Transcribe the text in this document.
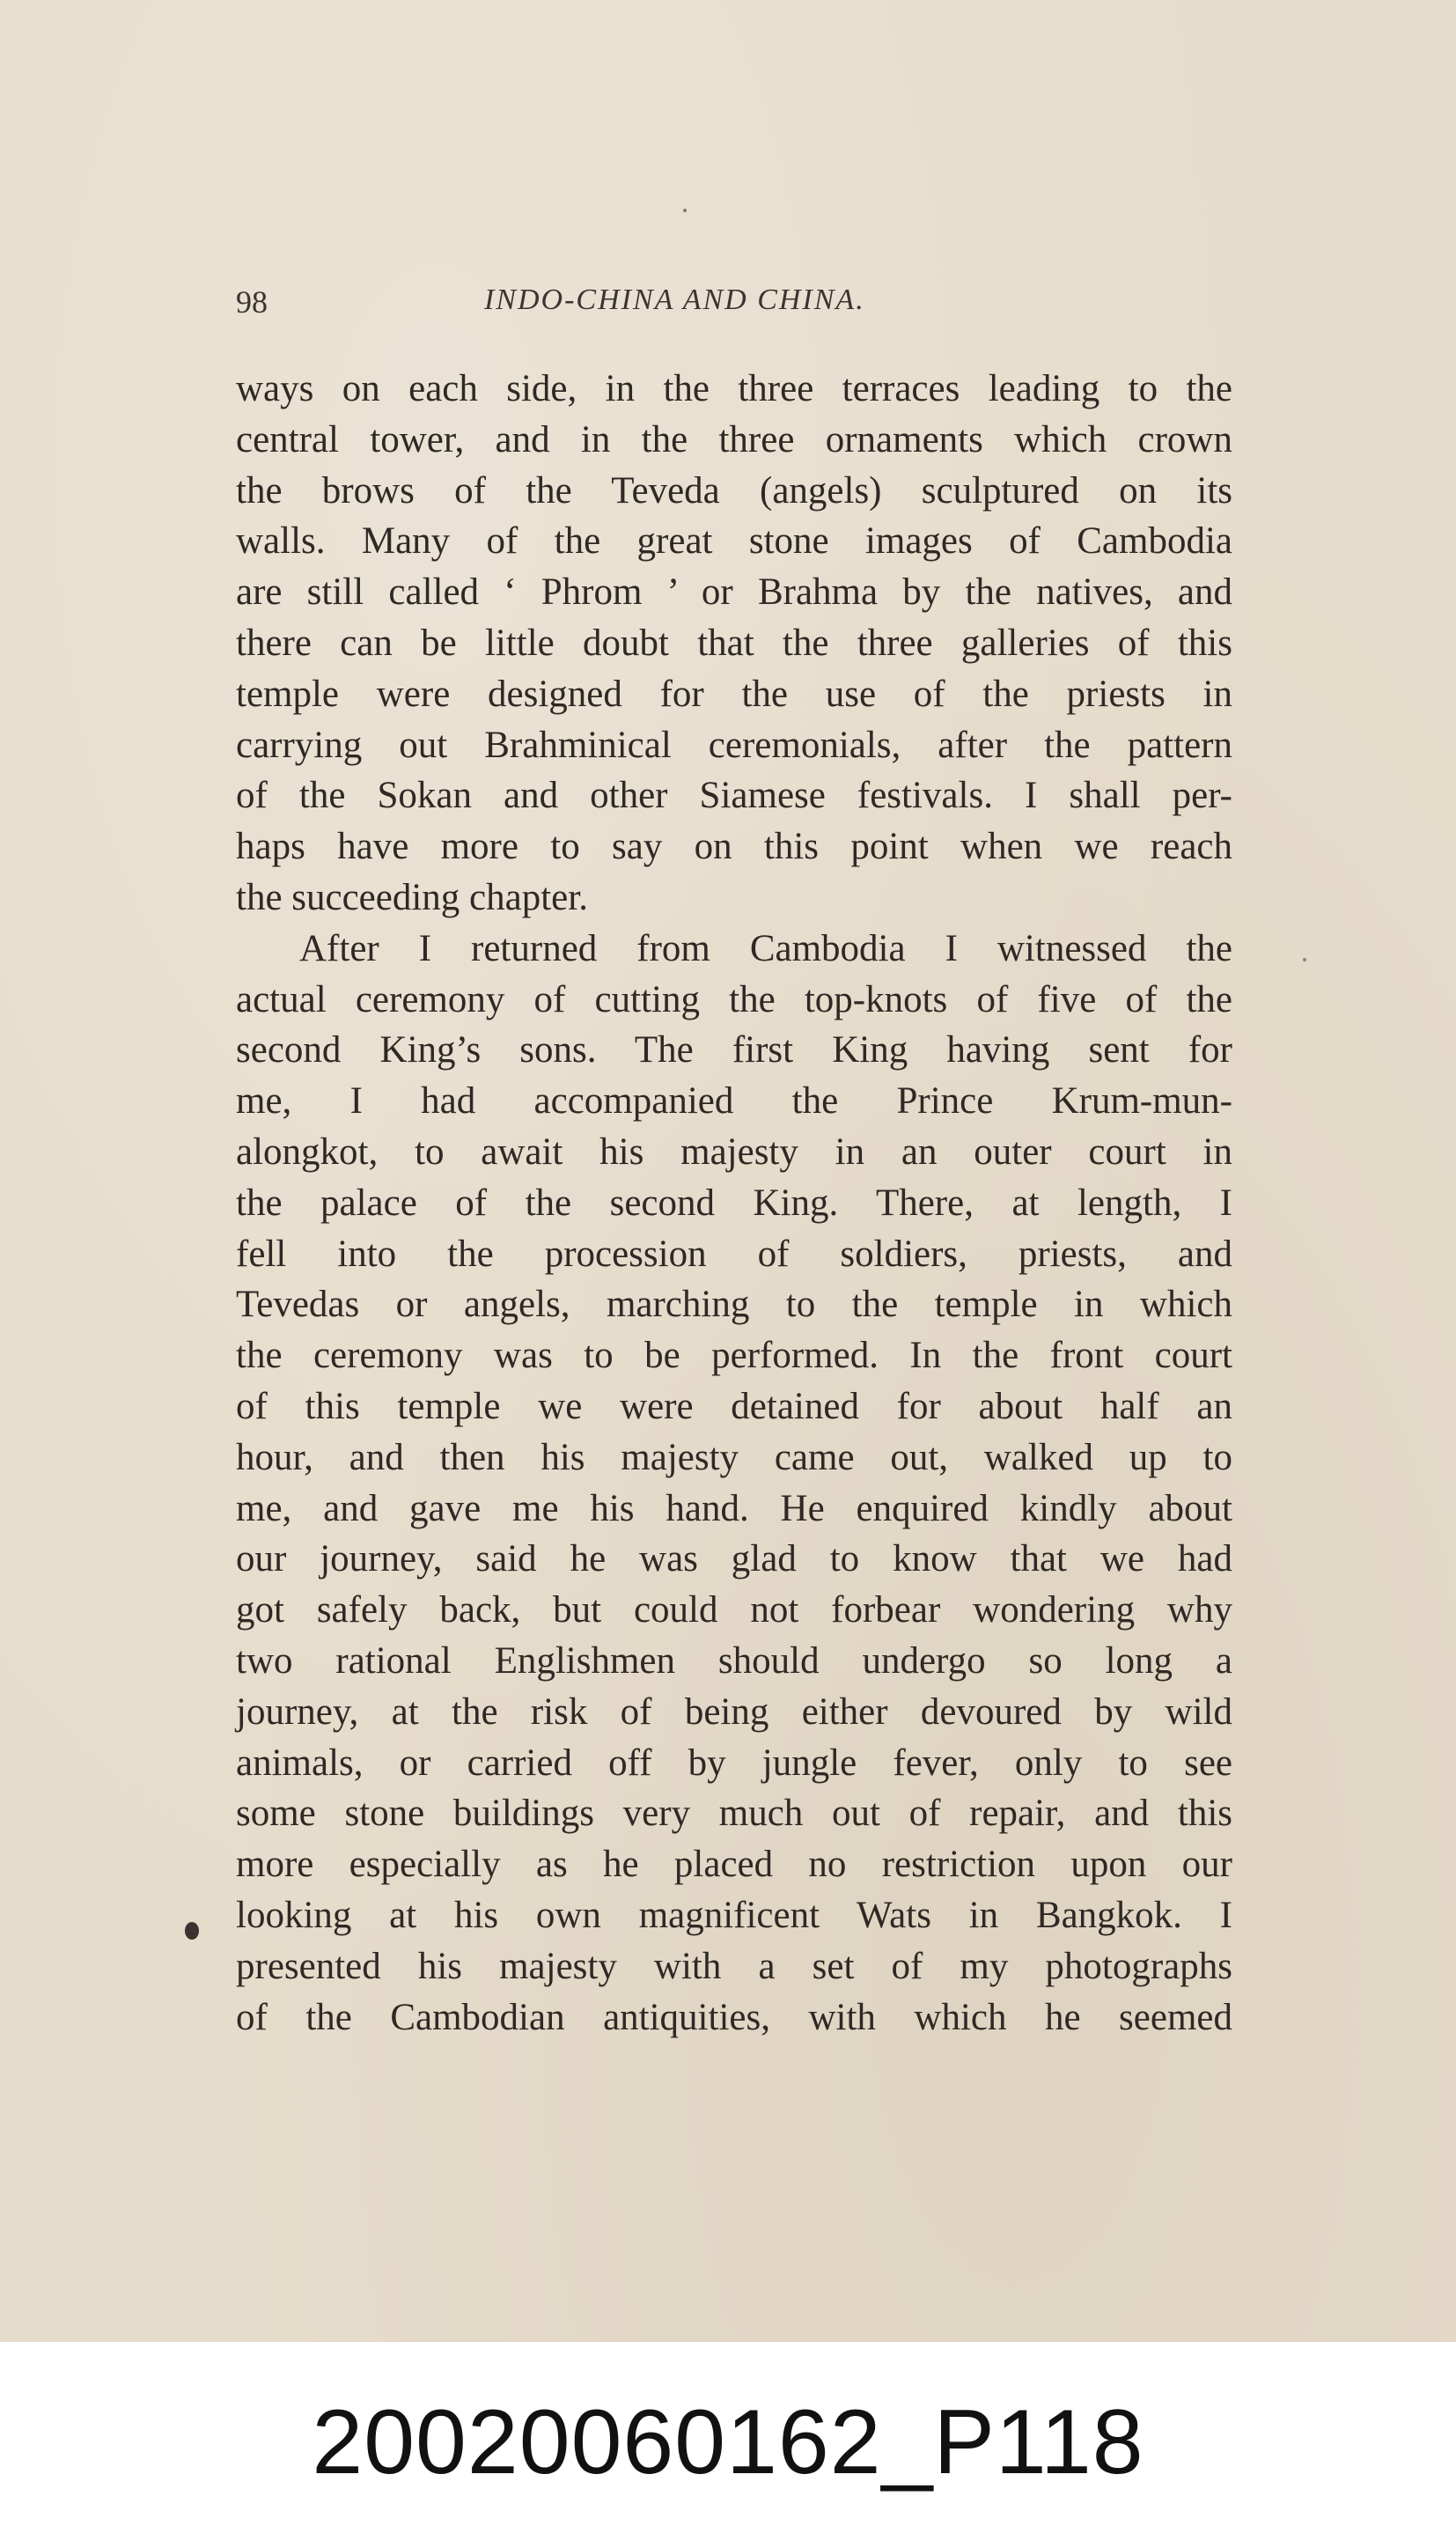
98	INDO-CHINA AND CHINA.
ways on each side, in the three terraces leading to the
central tower, and in the three ornaments which crown
the brows of the Teveda (angels) sculptured on its
walls. Many of the great stone images of Cambodia
are still called ‘ Phrom ’ or Brahma by the natives, and
there can be little doubt that the three galleries of this
temple were designed for the use of the priests in
carrying out Brahminical ceremonials, after the pattern
of the Sokan and other Siamese festivals. I shall per-
haps have more to say on this point when we reach
the succeeding chapter.
After I returned from Cambodia I witnessed the
actual ceremony of cutting the top-knots of five of the
second King’s sons. The first King having sent for
me, I had accompanied the Prince Krum-mun-
alongkot, to await his majesty in an outer court in
the palace of the second King. There, at length, I
fell into the procession of soldiers, priests, and
Tevedas or angels, marching to the temple in which
the ceremony was to be performed. In the front court
of this temple we were detained for about half an
hour, and then his majesty came out, walked up to
me, and gave me his hand. He enquired kindly about
our journey, said he was glad to know that we had
got safely back, but could not forbear wondering why
two rational Englishmen should undergo so long a
journey, at the risk of being either devoured by wild
animals, or carried off by jungle fever, only to see
some stone buildings very much out of repair, and this
more especially as he placed no restriction upon our
looking at his own magnificent Wats in Bangkok. I
presented his majesty with a set of my photographs
of the Cambodian antiquities, with which he seemed
20020060162_P118
